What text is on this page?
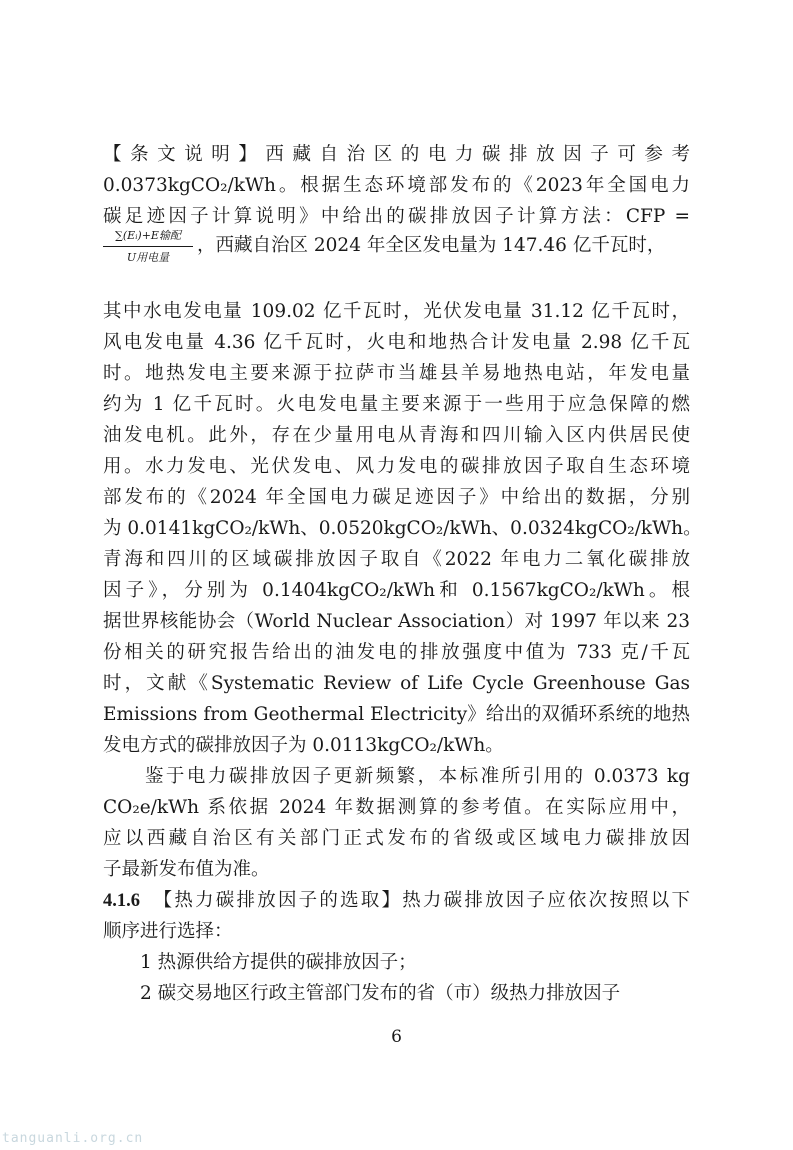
【条文说明】西藏自治区的电力碳排放因子可参考
0.0373kgCO₂/kWh。根据生态环境部发布的《2023年全国电力
碳足迹因子计算说明》中给出的碳排放因子计算方法：CFP =
∑(Eᵢ)+E输配
U用电量
，西藏自治区 2024 年全区发电量为 147.46 亿千瓦时，
其中水电发电量 109.02 亿千瓦时，光伏发电量 31.12 亿千瓦时，
风电发电量 4.36 亿千瓦时，火电和地热合计发电量 2.98 亿千瓦
时。地热发电主要来源于拉萨市当雄县羊易地热电站，年发电量
约为 1 亿千瓦时。火电发电量主要来源于一些用于应急保障的燃
油发电机。此外，存在少量用电从青海和四川输入区内供居民使
用。水力发电、光伏发电、风力发电的碳排放因子取自生态环境
部发布的《2024 年全国电力碳足迹因子》中给出的数据，分别
为 0.0141kgCO₂/kWh、0.0520kgCO₂/kWh、0.0324kgCO₂/kWh。
青海和四川的区域碳排放因子取自《2022 年电力二氧化碳排放
因子》，分别为 0.1404kgCO₂/kWh和 0.1567kgCO₂/kWh。根
据世界核能协会（World Nuclear Association）对 1997 年以来 23
份相关的研究报告给出的油发电的排放强度中值为 733 克/千瓦
时，文献《Systematic Review of Life Cycle Greenhouse Gas
Emissions from Geothermal Electricity》给出的双循环系统的地热
发电方式的碳排放因子为 0.0113kgCO₂/kWh。
　　鉴于电力碳排放因子更新频繁，本标准所引用的 0.0373 kg
CO₂e/kWh 系依据 2024 年数据测算的参考值。在实际应用中，
应以西藏自治区有关部门正式发布的省级或区域电力碳排放因
子最新发布值为准。
4.1.6　【热力碳排放因子的选取】热力碳排放因子应依次按照以下
顺序进行选择：
　　1 热源供给方提供的碳排放因子；
　　2 碳交易地区行政主管部门发布的省（市）级热力排放因子
6
tanguanli.org.cn
